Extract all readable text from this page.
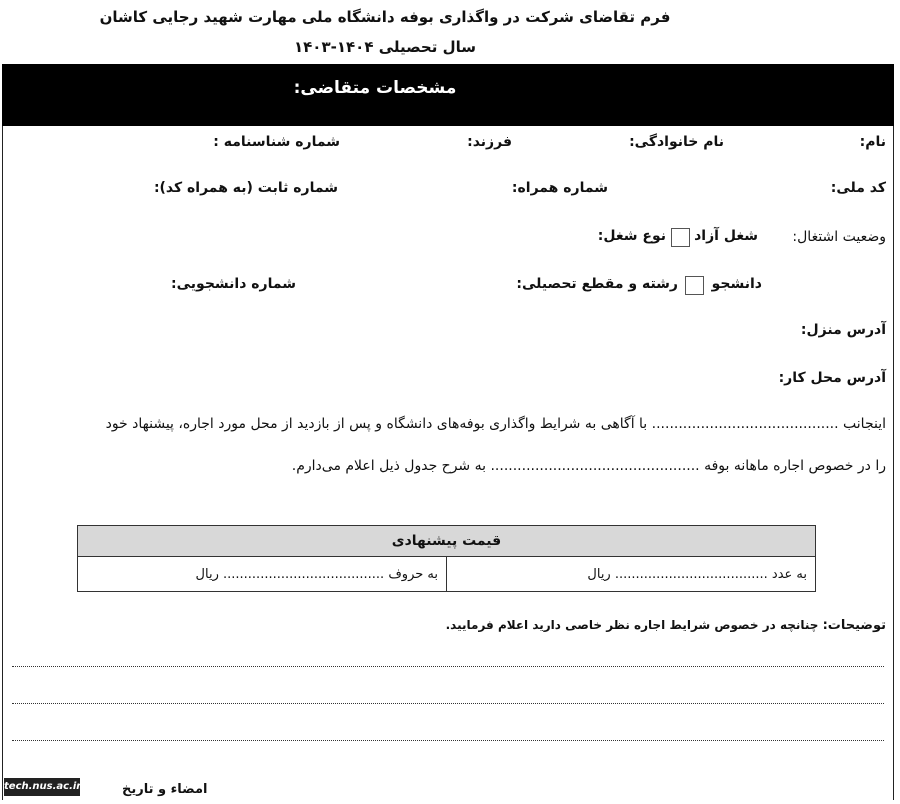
فرم تقاضای شرکت در واگذاری بوفه دانشگاه ملی مهارت شهید رجایی کاشان
سال تحصیلی ۱۴۰۴-۱۴۰۳
مشخصات متقاضی:
نام:
نام خانوادگی:
فرزند:
شماره شناسنامه :
کد ملی:
شماره همراه:
شماره ثابت (به همراه کد):
وضعیت اشتغال:
شغل آزاد
نوع شغل:
دانشجو
رشته و مقطع تحصیلی:
شماره دانشجویی:
آدرس منزل:
آدرس محل کار:
اینجانب .......................................... با آگاهی به شرایط واگذاری بوفه‌های دانشگاه و پس از بازدید از محل مورد اجاره، پیشنهاد خود
را در خصوص اجاره ماهانه بوفه ............................................... به شرح جدول ذیل اعلام می‌دارم.
قیمت پیشنهادی
به عدد ..................................... ریال	به حروف ....................................... ریال
توضیحات: چنانچه در خصوص شرایط اجاره نظر خاصی دارید اعلام فرمایید.
امضاء و تاریخ
tech.nus.ac.ir
